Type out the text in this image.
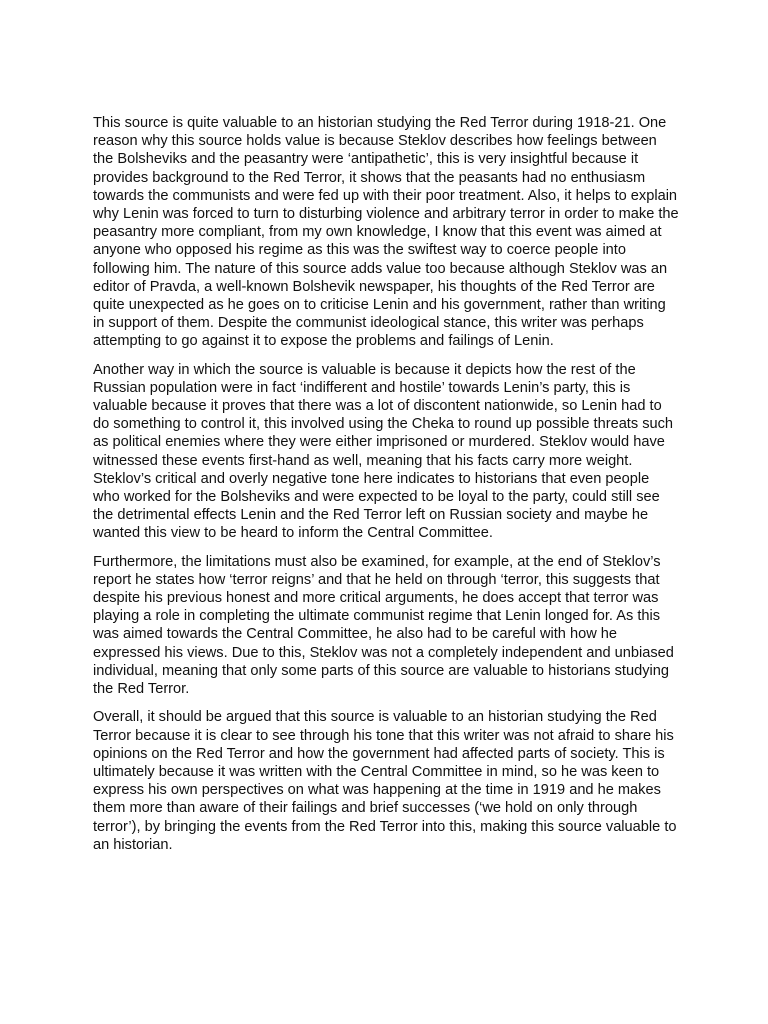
This source is quite valuable to an historian studying the Red Terror during 1918-21. One reason why this source holds value is because Steklov describes how feelings between the Bolsheviks and the peasantry were ‘antipathetic’, this is very insightful because it provides background to the Red Terror, it shows that the peasants had no enthusiasm towards the communists and were fed up with their poor treatment. Also, it helps to explain why Lenin was forced to turn to disturbing violence and arbitrary terror in order to make the peasantry more compliant, from my own knowledge, I know that this event was aimed at anyone who opposed his regime as this was the swiftest way to coerce people into following him. The nature of this source adds value too because although Steklov was an editor of Pravda, a well-known Bolshevik newspaper, his thoughts of the Red Terror are quite unexpected as he goes on to criticise Lenin and his government, rather than writing in support of them. Despite the communist ideological stance, this writer was perhaps attempting to go against it to expose the problems and failings of Lenin.

Another way in which the source is valuable is because it depicts how the rest of the Russian population were in fact ‘indifferent and hostile’ towards Lenin’s party, this is valuable because it proves that there was a lot of discontent nationwide, so Lenin had to do something to control it, this involved using the Cheka to round up possible threats such as political enemies where they were either imprisoned or murdered. Steklov would have witnessed these events first-hand as well, meaning that his facts carry more weight. Steklov’s critical and overly negative tone here indicates to historians that even people who worked for the Bolsheviks and were expected to be loyal to the party, could still see the detrimental effects Lenin and the Red Terror left on Russian society and maybe he wanted this view to be heard to inform the Central Committee.

Furthermore, the limitations must also be examined, for example, at the end of Steklov’s report he states how ‘terror reigns’ and that he held on through ‘terror, this suggests that despite his previous honest and more critical arguments, he does accept that terror was playing a role in completing the ultimate communist regime that Lenin longed for. As this was aimed towards the Central Committee, he also had to be careful with how he expressed his views. Due to this, Steklov was not a completely independent and unbiased individual, meaning that only some parts of this source are valuable to historians studying the Red Terror.

Overall, it should be argued that this source is valuable to an historian studying the Red Terror because it is clear to see through his tone that this writer was not afraid to share his opinions on the Red Terror and how the government had affected parts of society. This is ultimately because it was written with the Central Committee in mind, so he was keen to express his own perspectives on what was happening at the time in 1919 and he makes them more than aware of their failings and brief successes (‘we hold on only through terror’), by bringing the events from the Red Terror into this, making this source valuable to an historian.
